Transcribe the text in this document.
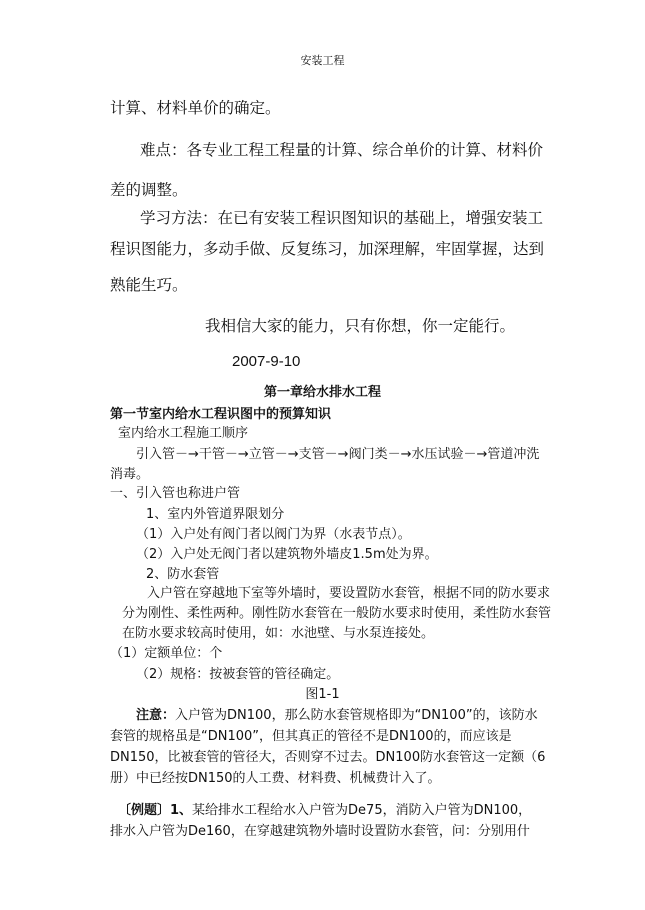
安装工程
计算、材料单价的确定。
难点：各专业工程工程量的计算、综合单价的计算、材料价
差的调整。
学习方法：在已有安装工程识图知识的基础上，增强安装工
程识图能力，多动手做、反复练习，加深理解，牢固掌握，达到
熟能生巧。
我相信大家的能力，只有你想，你一定能行。
2007-9-10
第一章给水排水工程
第一节室内给水工程识图中的预算知识
室内给水工程施工顺序
引入管－→干管－→立管－→支管－→阀门类－→水压试验－→管道冲洗
消毒。
一、引入管也称进户管
1、室内外管道界限划分
（1）入户处有阀门者以阀门为界（水表节点）。
（2）入户处无阀门者以建筑物外墙皮1.5m处为界。
2、防水套管
入户管在穿越地下室等外墙时，要设置防水套管，根据不同的防水要求
分为刚性、柔性两种。刚性防水套管在一般防水要求时使用，柔性防水套管
在防水要求较高时使用，如：水池壁、与水泵连接处。
（1）定额单位：个
（2）规格：按被套管的管径确定。
图1-1
注意：入户管为DN100，那么防水套管规格即为“DN100”的，该防水
套管的规格虽是“DN100”，但其真正的管径不是DN100的，而应该是
DN150，比被套管的管径大，否则穿不过去。DN100防水套管这一定额（6
册）中已经按DN150的人工费、材料费、机械费计入了。
〔例题〕1、某给排水工程给水入户管为De75，消防入户管为DN100，
排水入户管为De160，在穿越建筑物外墙时设置防水套管，问：分别用什
